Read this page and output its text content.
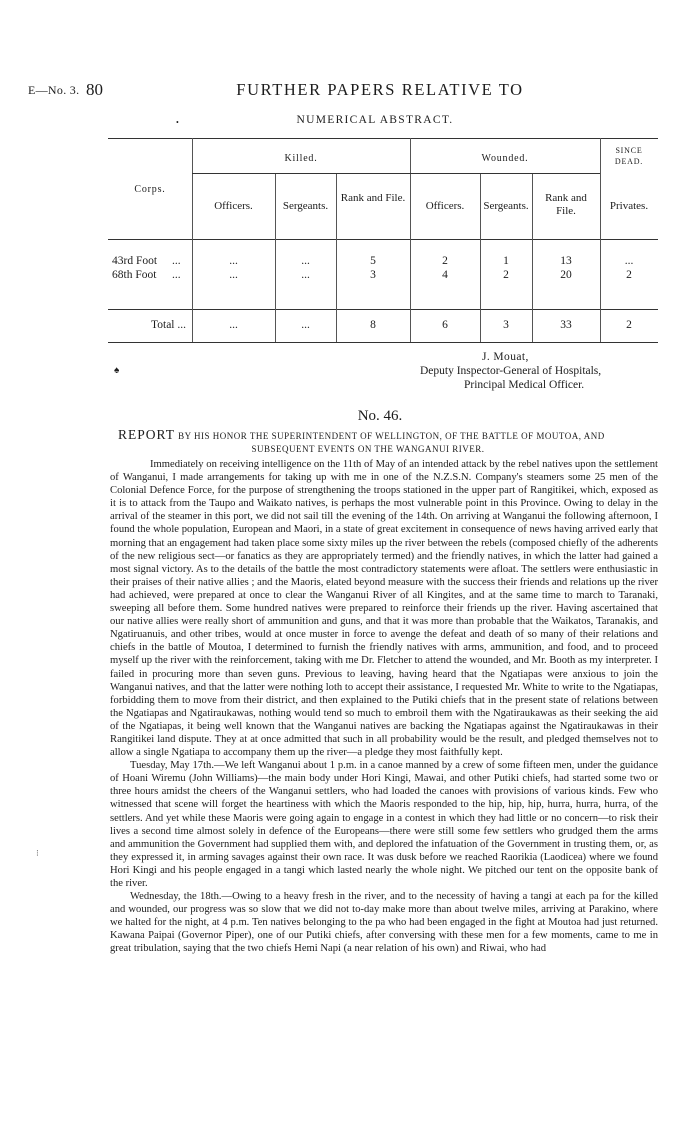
E—No. 3. 80	FURTHER PAPERS RELATIVE TO
•	NUMERICAL ABSTRACT.
Corps.
Killed.	Wounded.
SINCE
DEAD.
Officers.	Sergeants.
Rank and File.
Officers.	Sergeants.
Rank and File.	Privates.
43rd Foot ...	...	...	5	2	1	13	...
68th Foot ...	...	...	3	4	2	20	2
Total ...	...	...	8	6	3	33	2
♠
J. Mouat,
Deputy Inspector-General of Hospitals,
Principal Medical Officer.
No. 46.
REPORT BY HIS HONOR THE SUPERINTENDENT OF WELLINGTON, OF THE BATTLE OF MOUTOA, AND
SUBSEQUENT EVENTS ON THE WANGANUI RIVER.

Immediately on receiving intelligence on the 11th of May of an intended attack by the rebel natives upon the settlement of Wanganui, I made arrangements for taking up with me in one of the N.Z.S.N. Company's steamers some 25 men of the Colonial Defence Force, for the purpose of strengthening the troops stationed in the upper part of Rangitikei, which, exposed as it is to attack from the Taupo and Waikato natives, is perhaps the most vulnerable point in this Province. Owing to delay in the arrival of the steamer in this port, we did not sail till the evening of the 14th. On arriving at Wanganui the following afternoon, I found the whole population, European and Maori, in a state of great excitement in consequence of news having arrived early that morning that an engagement had taken place some sixty miles up the river between the rebels (composed chiefly of the adherents of the new religious sect—or fanatics as they are appropriately termed) and the friendly natives, in which the latter had gained a most signal victory. As to the details of the battle the most contradictory statements were afloat. The settlers were enthusiastic in their praises of their native allies ; and the Maoris, elated beyond measure with the success their friends and relations up the river had achieved, were prepared at once to clear the Wanganui River of all Kingites, and at the same time to march to Taranaki, sweeping all before them. Some hundred natives were prepared to reinforce their friends up the river. Having ascertained that our native allies were really short of ammunition and guns, and that it was more than probable that the Waikatos, Taranakis, and Ngatiruanuis, and other tribes, would at once muster in force to avenge the defeat and death of so many of their relations and chiefs in the battle of Moutoa, I determined to furnish the friendly natives with arms, ammunition, and food, and to proceed myself up the river with the reinforcement, taking with me Dr. Fletcher to attend the wounded, and Mr. Booth as my interpreter. I failed in procuring more than seven guns. Previous to leaving, having heard that the Ngatiapas were anxious to join the Wanganui natives, and that the latter were nothing loth to accept their assistance, I requested Mr. White to write to the Ngatiapas, forbidding them to move from their district, and then explained to the Putiki chiefs that in the present state of relations between the Ngatiapas and Ngatiraukawas, nothing would tend so much to embroil them with the Ngatiraukawas as their seeking the aid of the Ngatiapas, it being well known that the Wanganui natives are backing the Ngatiapas against the Ngatiraukawas in their Rangitikei land dispute. They at at once admitted that such in all probability would be the result, and pledged themselves not to allow a single Ngatiapa to accompany them up the river—a pledge they most faithfully kept.

Tuesday, May 17th.—We left Wanganui about 1 p.m. in a canoe manned by a crew of some fifteen men, under the guidance of Hoani Wiremu (John Williams)—the main body under Hori Kingi, Mawai, and other Putiki chiefs, had started some two or three hours amidst the cheers of the Wanganui settlers, who had loaded the canoes with provisions of various kinds. Few who witnessed that scene will forget the heartiness with which the Maoris responded to the hip, hip, hip, hurra, hurra, hurra, of the settlers. And yet while these Maoris were going again to engage in a contest in which they had little or no concern—to risk their lives a second time almost solely in defence of the Europeans—there were still some few settlers who grudged them the arms and ammunition the Government had supplied them with, and deplored the infatuation of the Government in trusting them, or, as they expressed it, in arming savages against their own race. It was dusk before we reached Raorikia (Laodicea) where we found Hori Kingi and his people engaged in a tangi which lasted nearly the whole night. We pitched our tent on the opposite bank of the river.

Wednesday, the 18th.—Owing to a heavy fresh in the river, and to the necessity of having a tangi at each pa for the killed and wounded, our progress was so slow that we did not to-day make more than about twelve miles, arriving at Parakino, where we halted for the night, at 4 p.m. Ten natives belonging to the pa who had been engaged in the fight at Moutoa had just returned. Kawana Paipai (Governor Piper), one of our Putiki chiefs, after conversing with these men for a few moments, came to me in great tribulation, saying that the two chiefs Hemi Napi (a near relation of his own) and Riwai, who had

⁝
